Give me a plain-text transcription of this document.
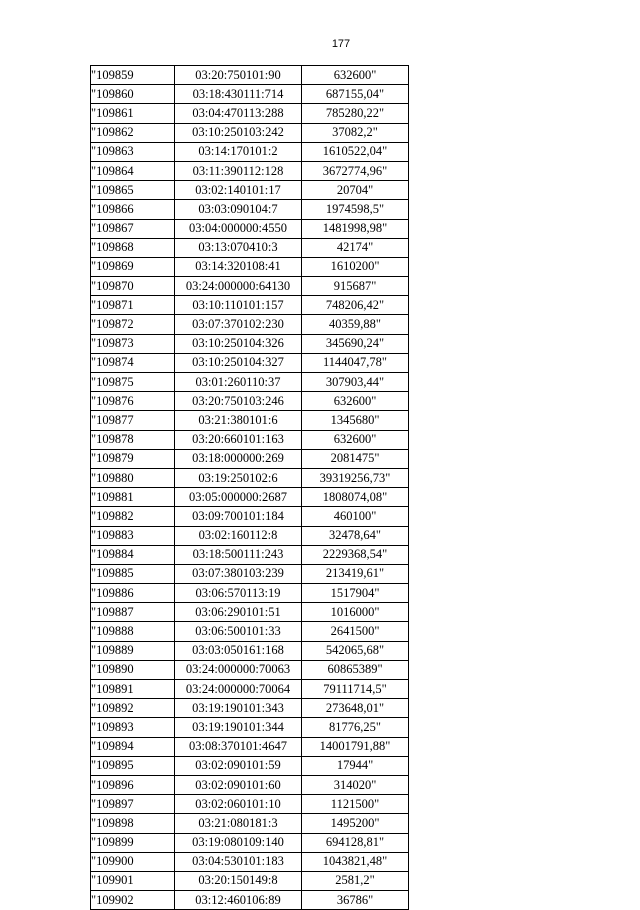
177
"109859	03:20:750101:90	632600"
"109860	03:18:430111:714	687155,04"
"109861	03:04:470113:288	785280,22"
"109862	03:10:250103:242	37082,2"
"109863	03:14:170101:2	1610522,04"
"109864	03:11:390112:128	3672774,96"
"109865	03:02:140101:17	20704"
"109866	03:03:090104:7	1974598,5"
"109867	03:04:000000:4550	1481998,98"
"109868	03:13:070410:3	42174"
"109869	03:14:320108:41	1610200"
"109870	03:24:000000:64130	915687"
"109871	03:10:110101:157	748206,42"
"109872	03:07:370102:230	40359,88"
"109873	03:10:250104:326	345690,24"
"109874	03:10:250104:327	1144047,78"
"109875	03:01:260110:37	307903,44"
"109876	03:20:750103:246	632600"
"109877	03:21:380101:6	1345680"
"109878	03:20:660101:163	632600"
"109879	03:18:000000:269	2081475"
"109880	03:19:250102:6	39319256,73"
"109881	03:05:000000:2687	1808074,08"
"109882	03:09:700101:184	460100"
"109883	03:02:160112:8	32478,64"
"109884	03:18:500111:243	2229368,54"
"109885	03:07:380103:239	213419,61"
"109886	03:06:570113:19	1517904"
"109887	03:06:290101:51	1016000"
"109888	03:06:500101:33	2641500"
"109889	03:03:050161:168	542065,68"
"109890	03:24:000000:70063	60865389"
"109891	03:24:000000:70064	79111714,5"
"109892	03:19:190101:343	273648,01"
"109893	03:19:190101:344	81776,25"
"109894	03:08:370101:4647	14001791,88"
"109895	03:02:090101:59	17944"
"109896	03:02:090101:60	314020"
"109897	03:02:060101:10	1121500"
"109898	03:21:080181:3	1495200"
"109899	03:19:080109:140	694128,81"
"109900	03:04:530101:183	1043821,48"
"109901	03:20:150149:8	2581,2"
"109902	03:12:460106:89	36786"
